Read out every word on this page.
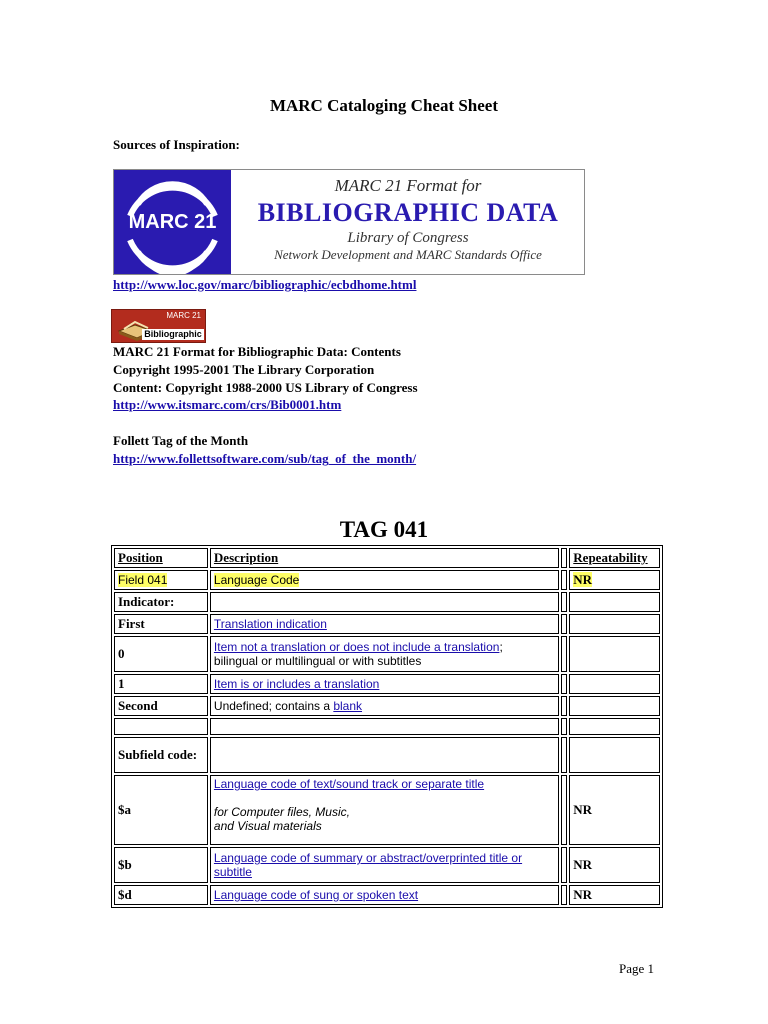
MARC Cataloging Cheat Sheet
Sources of Inspiration:
MARC 21
MARC 21 Format for
BIBLIOGRAPHIC DATA
Library of Congress
Network Development and MARC Standards Office
http://www.loc.gov/marc/bibliographic/ecbdhome.html
MARC 21
Bibliographic
MARC 21 Format for Bibliographic Data: Contents
Copyright 1995-2001 The Library Corporation
Content: Copyright 1988-2000 US Library of Congress
http://www.itsmarc.com/crs/Bib0001.htm
Follett Tag of the Month
http://www.follettsoftware.com/sub/tag_of_the_month/
TAG 041
Position	Description		Repeatability
Field 041	Language Code		NR
Indicator:			
First	Translation indication		
0	Item not a translation or does not include a translation;
bilingual or multilingual or with subtitles		
1	Item is or includes a translation		
Second	Undefined; contains a blank		

Subfield code:			
$a	Language code of text/sound track or separate title

for Computer files, Music,
and Visual materials		NR
$b	Language code of summary or abstract/overprinted title or subtitle		NR
$d	Language code of sung or spoken text		NR
Page 1
